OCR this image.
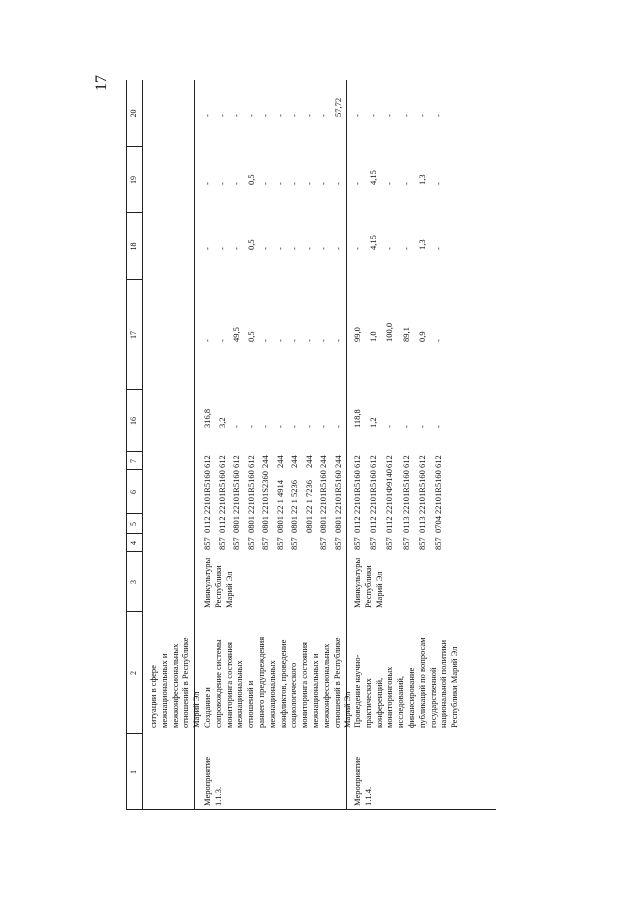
17
1
2
3
4
5
6
7
16
17
18
19
20
ситуации в сфере
межнациональных и
межконфессиональных
отношений в Республике
Марий Эл
Мероприятие 1.1.3.
Создание и
сопровождение системы
мониторинга состояния
межнациональных
отношений и
раннего предупреждения
межнациональных
конфликтов, проведение
социологического
мониторинга состояния
межнациональных и
межконфессиональных
отношений в Республике
Марий Эл
Минкультуры
Республики
Марий Эл
857
0112
22101R5160
612
316,8
-
-
-
-
857
0112
22101R5160
612
3,2
-
-
-
-
857
0801
22101R5160
612
-
49,5
-
-
-
857
0801
22101R5160
612
-
0,5
0,5
0,5
-
857
0801
22101S2360
244
-
-
-
-
-
857
0801
22 1 4914
244
-
-
-
-
-
857
0801
22 1 5236
244
-
-
-
-
-
0801
22 1 7236
244
-
-
-
-
-
857
0801
22101R5160
244
-
-
-
-
-
857
0801
22101R5160
244
-
-
-
-
57,72
Мероприятие 1.1.4.
Проведение научно-
практических
конференций,
мониторинговых
исследований,
финансирование
публикаций по вопросам
государственной
национальной политики
Республики Марий Эл
Минкультуры
Республики
Марий Эл
857
0112
22101R5160
612
118,8
99,0
-
-
-
857
0112
22101R5160
612
1,2
1,0
4,15
4,15
-
857
0112
22101Ф9140
612
-
100,0
-
-
-
857
0113
22101R5160
612
-
89,1
-
-
-
857
0113
22101R5160
612
-
0,9
1,3
1,3
-
857
0704
22101R5160
612
-
-
-
-
-
